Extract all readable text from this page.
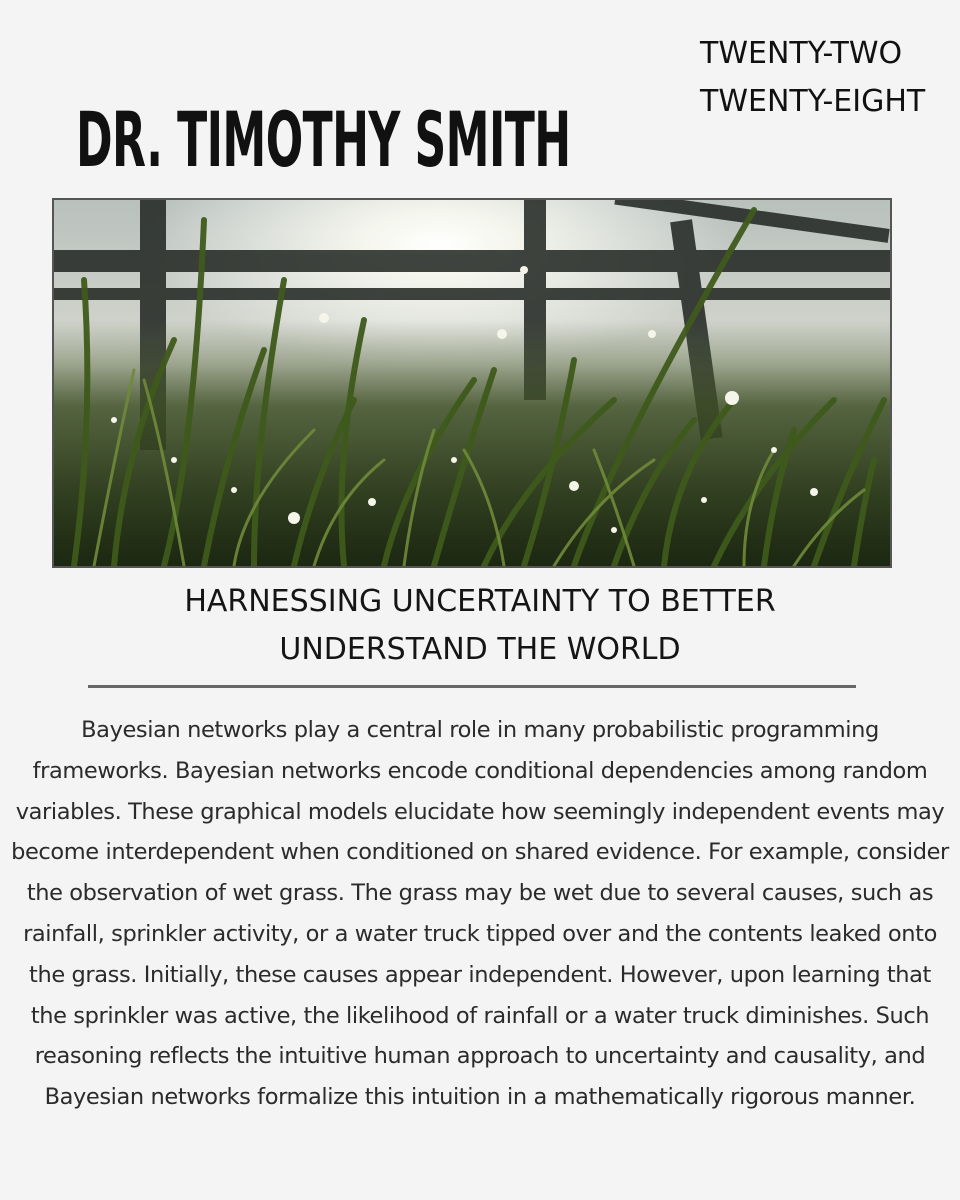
TWENTY-TWO
TWENTY-EIGHT
DR. TIMOTHY SMITH
HARNESSING UNCERTAINTY TO BETTER UNDERSTAND THE WORLD

Bayesian networks play a central role in many probabilistic programming frameworks. Bayesian networks encode conditional dependencies among random variables. These graphical models elucidate how seemingly independent events may become interdependent when conditioned on shared evidence. For example, consider the observation of wet grass. The grass may be wet due to several causes, such as rainfall, sprinkler activity, or a water truck tipped over and the contents leaked onto the grass. Initially, these causes appear independent. However, upon learning that the sprinkler was active, the likelihood of rainfall or a water truck diminishes. Such reasoning reflects the intuitive human approach to uncertainty and causality, and Bayesian networks formalize this intuition in a mathematically rigorous manner.
